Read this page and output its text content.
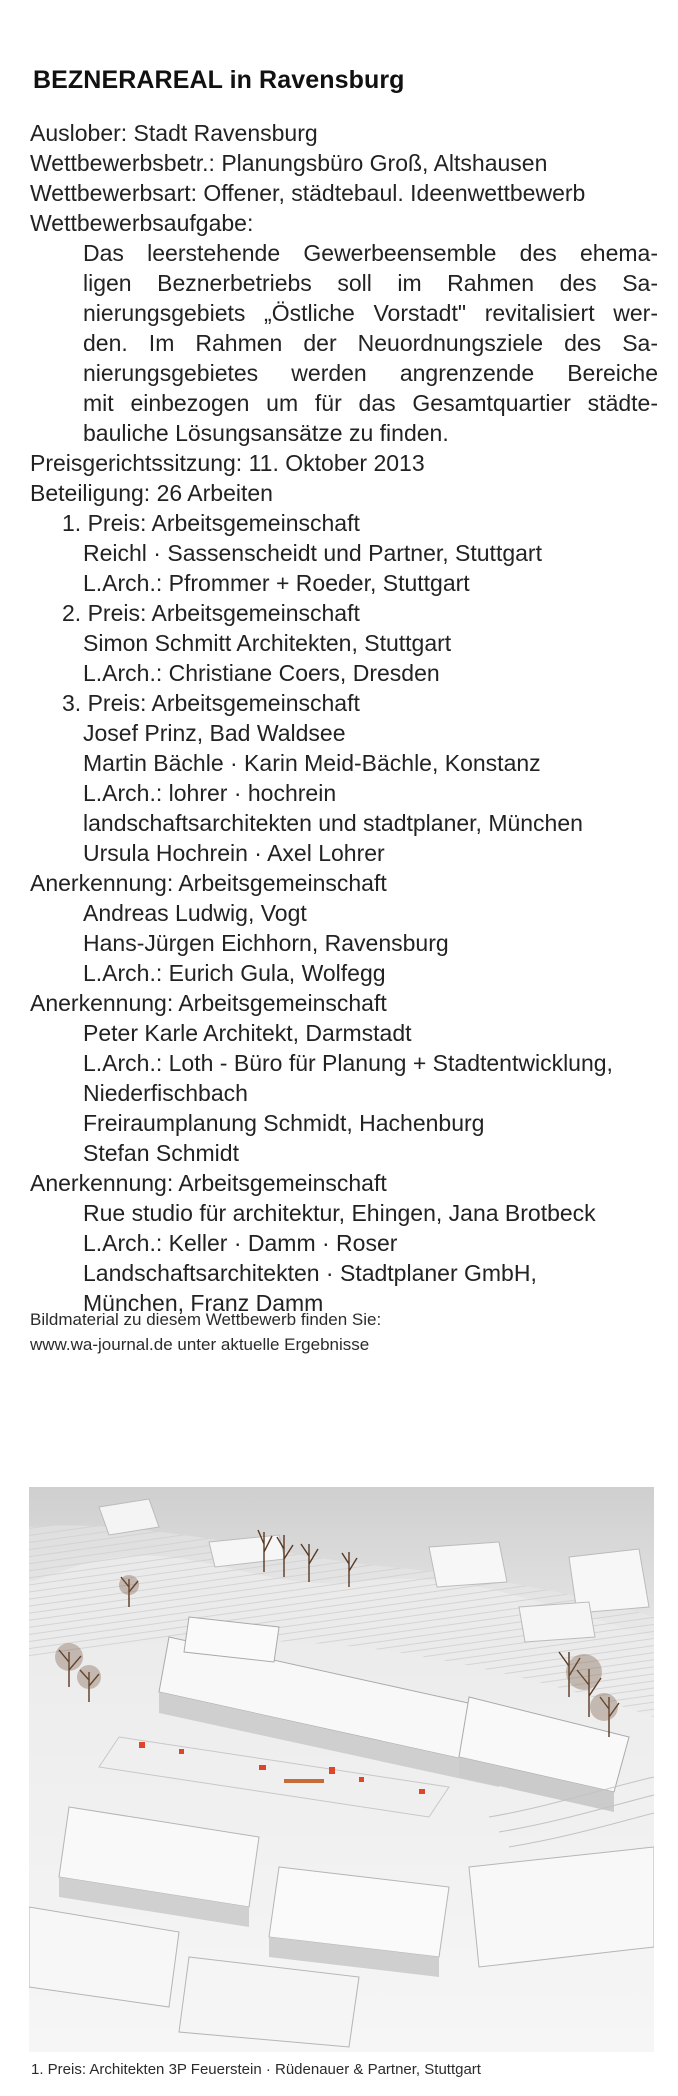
BEZNERAREAL in Ravensburg
Auslober: Stadt Ravensburg
Wettbewerbsbetr.: Planungsbüro Groß, Altshausen
Wettbewerbsart: Offener, städtebaul. Ideenwettbewerb
Wettbewerbsaufgabe:
Das leerstehende Gewerbeensemble des ehema-
ligen Beznerbetriebs soll im Rahmen des Sa-
nierungsgebiets „Östliche Vorstadt" revitalisiert wer-
den. Im Rahmen der Neuordnungsziele des Sa-
nierungsgebietes werden angrenzende Bereiche
mit einbezogen um für das Gesamtquartier städte-
bauliche Lösungsansätze zu finden.
Preisgerichtssitzung: 11. Oktober 2013
Beteiligung: 26 Arbeiten
1. Preis: Arbeitsgemeinschaft
Reichl · Sassenscheidt und Partner, Stuttgart
L.Arch.: Pfrommer + Roeder, Stuttgart
2. Preis: Arbeitsgemeinschaft
Simon Schmitt Architekten, Stuttgart
L.Arch.: Christiane Coers, Dresden
3. Preis: Arbeitsgemeinschaft
Josef Prinz, Bad Waldsee
Martin Bächle · Karin Meid-Bächle, Konstanz
L.Arch.: lohrer · hochrein
landschaftsarchitekten und stadtplaner, München
Ursula Hochrein · Axel Lohrer
Anerkennung: Arbeitsgemeinschaft
Andreas Ludwig, Vogt
Hans-Jürgen Eichhorn, Ravensburg
L.Arch.: Eurich Gula, Wolfegg
Anerkennung: Arbeitsgemeinschaft
Peter Karle Architekt, Darmstadt
L.Arch.: Loth - Büro für Planung + Stadtentwicklung,
Niederfischbach
Freiraumplanung Schmidt, Hachenburg
Stefan Schmidt
Anerkennung: Arbeitsgemeinschaft
Rue studio für architektur, Ehingen, Jana Brotbeck
L.Arch.: Keller · Damm · Roser
Landschaftsarchitekten · Stadtplaner GmbH,
München, Franz Damm
Bildmaterial zu diesem Wettbewerb finden Sie:
www.wa-journal.de unter aktuelle Ergebnisse
1. Preis: Architekten 3P Feuerstein · Rüdenauer & Partner, Stuttgart
